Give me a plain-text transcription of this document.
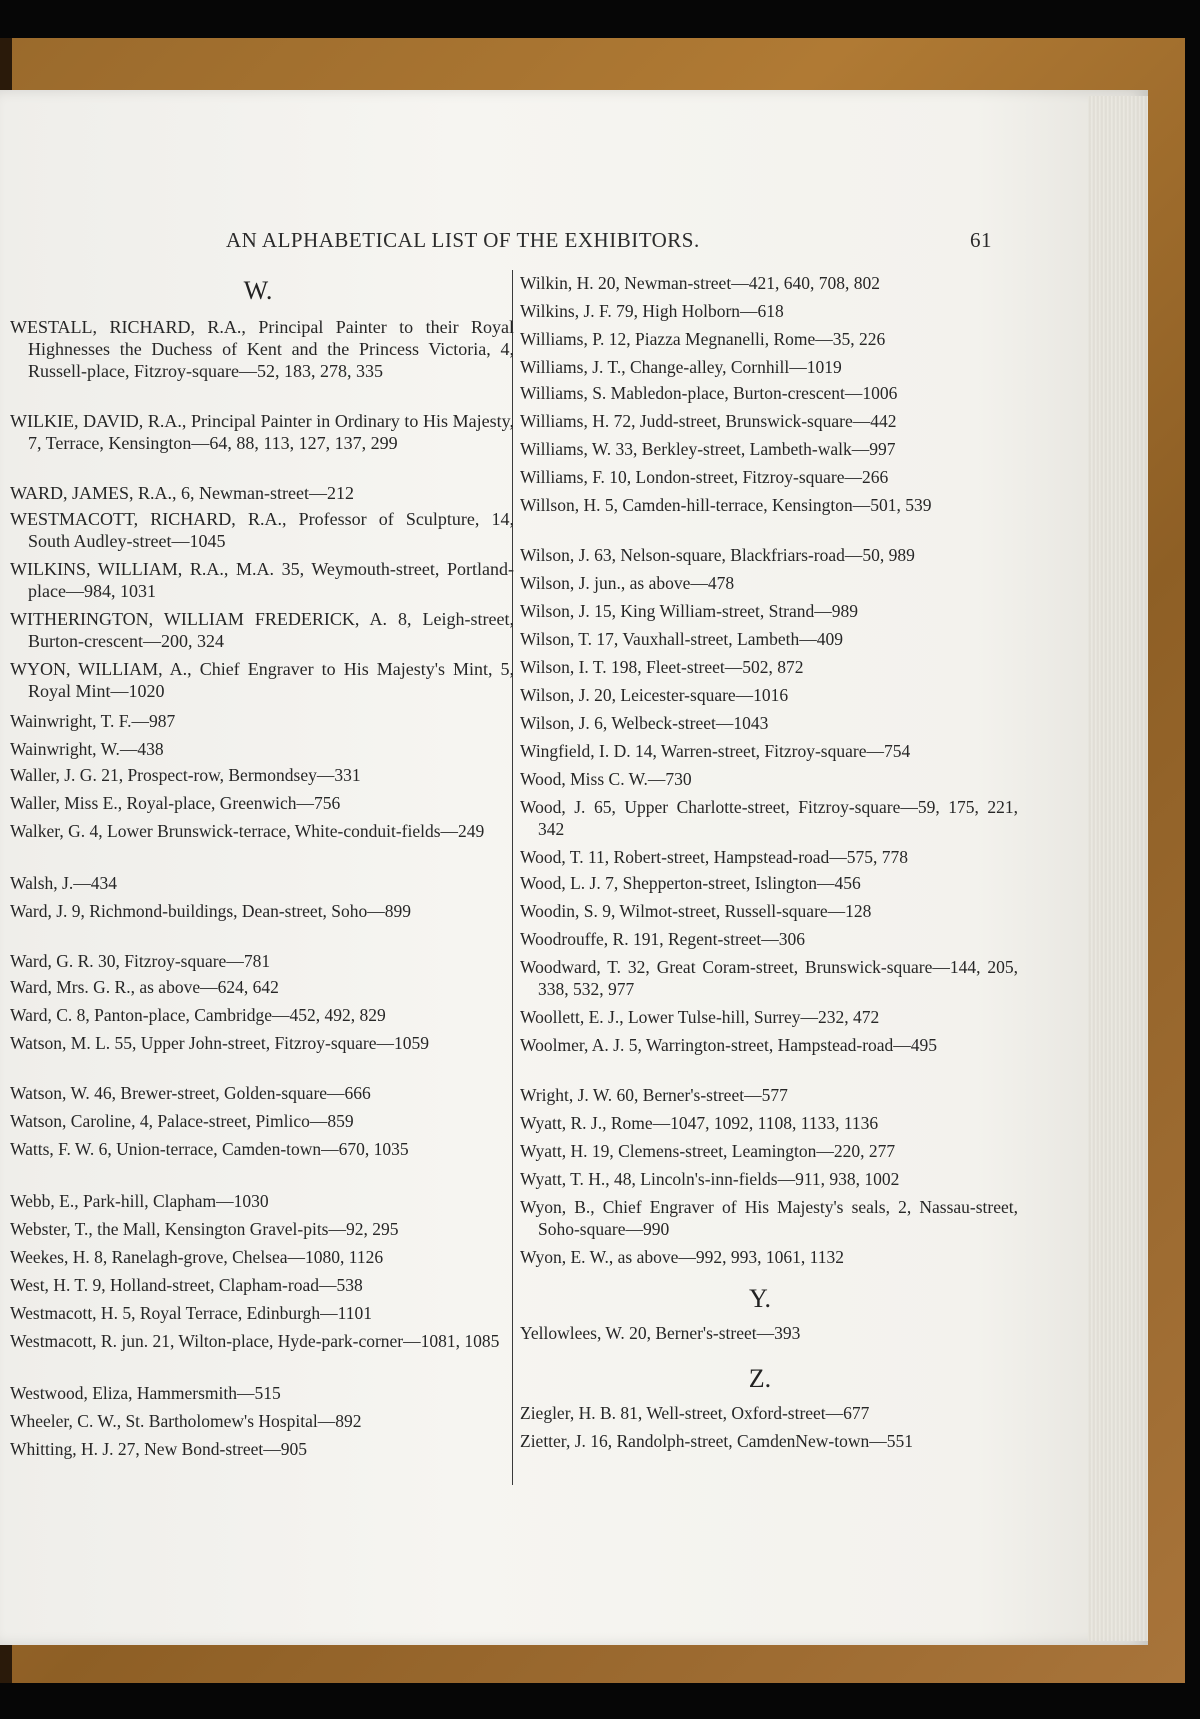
AN ALPHABETICAL LIST OF THE EXHIBITORS.	61
W.
WESTALL, RICHARD, R.A., Principal Painter to their Royal Highnesses the Duchess of Kent and the Princess Victoria, 4, Russell-place, Fitzroy-square—52, 183, 278, 335
WILKIE, DAVID, R.A., Principal Painter in Ordinary to His Majesty, 7, Terrace, Kensington—64, 88, 113, 127, 137, 299
WARD, JAMES, R.A., 6, Newman-street—212
WESTMACOTT, RICHARD, R.A., Professor of Sculpture, 14, South Audley-street—1045
WILKINS, WILLIAM, R.A., M.A. 35, Weymouth-street, Portland-place—984, 1031
WITHERINGTON, WILLIAM FREDERICK, A. 8, Leigh-street, Burton-crescent—200, 324
WYON, WILLIAM, A., Chief Engraver to His Majesty's Mint, 5, Royal Mint—1020
Wainwright, T. F.—987
Wainwright, W.—438
Waller, J. G. 21, Prospect-row, Bermondsey—331
Waller, Miss E., Royal-place, Greenwich—756
Walker, G. 4, Lower Brunswick-terrace, White-conduit-fields—249
Walsh, J.—434
Ward, J. 9, Richmond-buildings, Dean-street, Soho—899
Ward, G. R. 30, Fitzroy-square—781
Ward, Mrs. G. R., as above—624, 642
Ward, C. 8, Panton-place, Cambridge—452, 492, 829
Watson, M. L. 55, Upper John-street, Fitzroy-square—1059
Watson, W. 46, Brewer-street, Golden-square—666
Watson, Caroline, 4, Palace-street, Pimlico—859
Watts, F. W. 6, Union-terrace, Camden-town—670, 1035
Webb, E., Park-hill, Clapham—1030
Webster, T., the Mall, Kensington Gravel-pits—92, 295
Weekes, H. 8, Ranelagh-grove, Chelsea—1080, 1126
West, H. T. 9, Holland-street, Clapham-road—538
Westmacott, H. 5, Royal Terrace, Edinburgh—1101
Westmacott, R. jun. 21, Wilton-place, Hyde-park-corner—1081, 1085
Westwood, Eliza, Hammersmith—515
Wheeler, C. W., St. Bartholomew's Hospital—892
Whitting, H. J. 27, New Bond-street—905
Wilkin, H. 20, Newman-street—421, 640, 708, 802
Wilkins, J. F. 79, High Holborn—618
Williams, P. 12, Piazza Megnanelli, Rome—35, 226
Williams, J. T., Change-alley, Cornhill—1019
Williams, S. Mabledon-place, Burton-crescent—1006
Williams, H. 72, Judd-street, Brunswick-square—442
Williams, W. 33, Berkley-street, Lambeth-walk—997
Williams, F. 10, London-street, Fitzroy-square—266
Willson, H. 5, Camden-hill-terrace, Kensington—501, 539
Wilson, J. 63, Nelson-square, Blackfriars-road—50, 989
Wilson, J. jun., as above—478
Wilson, J. 15, King William-street, Strand—989
Wilson, T. 17, Vauxhall-street, Lambeth—409
Wilson, I. T. 198, Fleet-street—502, 872
Wilson, J. 20, Leicester-square—1016
Wilson, J. 6, Welbeck-street—1043
Wingfield, I. D. 14, Warren-street, Fitzroy-square—754
Wood, Miss C. W.—730
Wood, J. 65, Upper Charlotte-street, Fitzroy-square—59, 175, 221, 342
Wood, T. 11, Robert-street, Hampstead-road—575, 778
Wood, L. J. 7, Shepperton-street, Islington—456
Woodin, S. 9, Wilmot-street, Russell-square—128
Woodrouffe, R. 191, Regent-street—306
Woodward, T. 32, Great Coram-street, Brunswick-square—144, 205, 338, 532, 977
Woollett, E. J., Lower Tulse-hill, Surrey—232, 472
Woolmer, A. J. 5, Warrington-street, Hampstead-road—495
Wright, J. W. 60, Berner's-street—577
Wyatt, R. J., Rome—1047, 1092, 1108, 1133, 1136
Wyatt, H. 19, Clemens-street, Leamington—220, 277
Wyatt, T. H., 48, Lincoln's-inn-fields—911, 938, 1002
Wyon, B., Chief Engraver of His Majesty's seals, 2, Nassau-street, Soho-square—990
Wyon, E. W., as above—992, 993, 1061, 1132
Y.
Yellowlees, W. 20, Berner's-street—393
Z.
Ziegler, H. B. 81, Well-street, Oxford-street—677
Zietter, J. 16, Randolph-street, CamdenNew-town—551
